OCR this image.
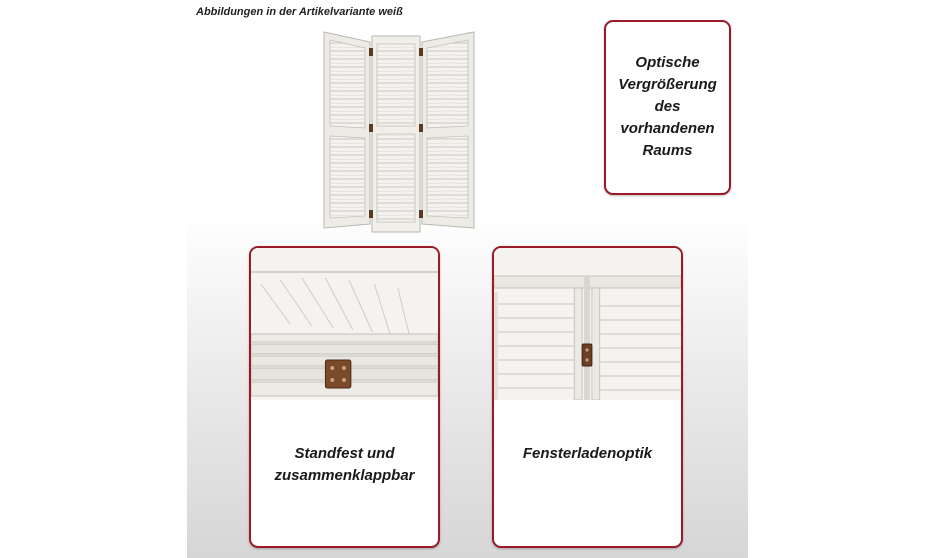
Abbildungen in der Artikelvariante weiß
Optische
Vergrößerung
des
vorhandenen
Raums
Standfest und
zusammenklappbar
Fensterladenoptik
